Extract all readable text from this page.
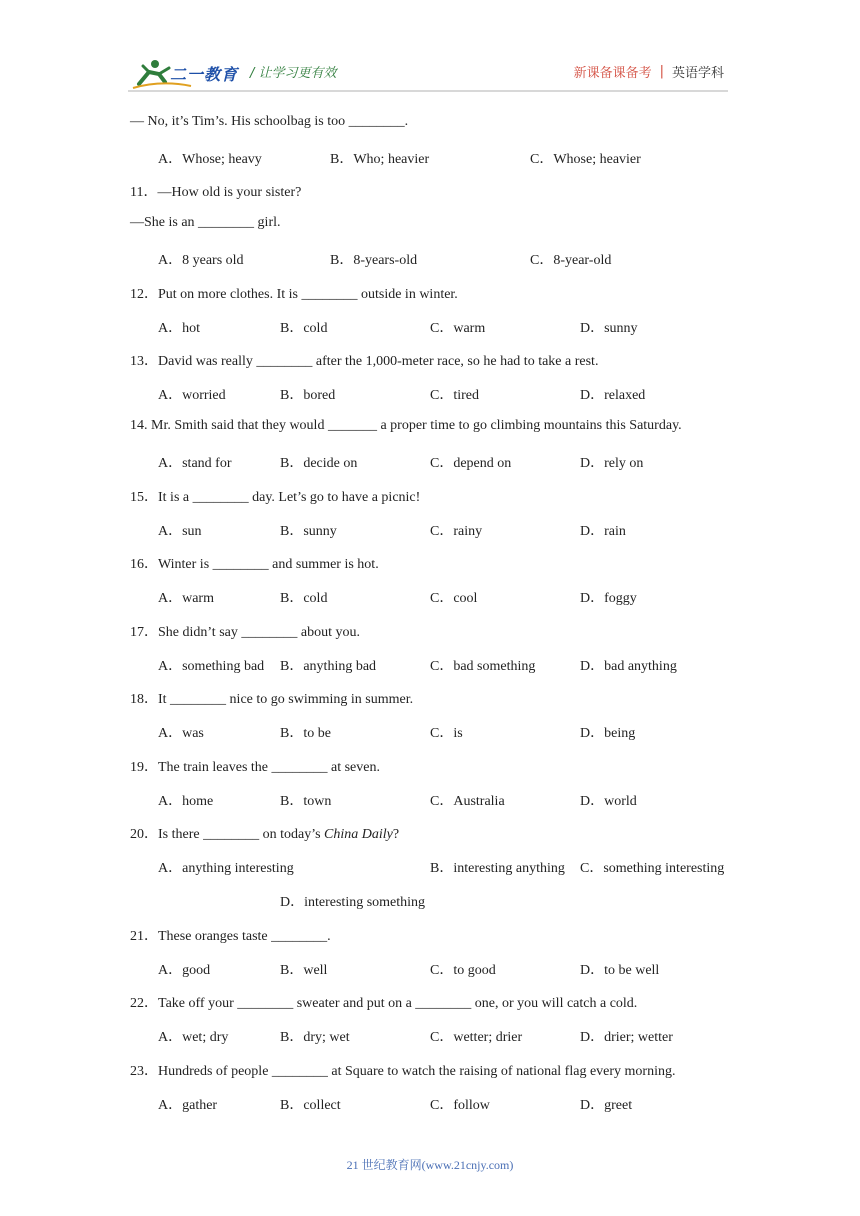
二一教育 / 让学习更有效	新课备课备考 | 英语学科
— No, it’s Tim’s. His schoolbag is too ________.
A．Whose; heavy	B．Who; heavier	C．Whose; heavier
11．—How old is your sister?
—She is an ________ girl.
A．8 years old	B．8-years-old	C．8-year-old
12．Put on more clothes. It is ________ outside in winter.
A．hot	B．cold	C．warm	D．sunny
13．David was really ________ after the 1,000-meter race, so he had to take a rest.
A．worried	B．bored	C．tired	D．relaxed
14. Mr. Smith said that they would _______ a proper time to go climbing mountains this Saturday.
A．stand for	B．decide on	C．depend on	D．rely on
15．It is a ________ day. Let’s go to have a picnic!
A．sun	B．sunny	C．rainy	D．rain
16．Winter is ________ and summer is hot.
A．warm	B．cold	C．cool	D．foggy
17．She didn’t say ________ about you.
A．something bad B．anything bad	C．bad something	D．bad anything
18．It ________ nice to go swimming in summer.
A．was	B．to be	C．is	D．being
19．The train leaves the ________ at seven.
A．home	B．town	C．Australia	D．world
20．Is there ________ on today’s China Daily?
A．anything interesting	B．interesting anything C．something interesting
D．interesting something
21．These oranges taste ________.
A．good	B．well	C．to good	D．to be well
22．Take off your ________ sweater and put on a ________ one, or you will catch a cold.
A．wet; dry	B．dry; wet	C．wetter; drier	D．drier; wetter
23．Hundreds of people ________ at Square to watch the raising of national flag every morning.
A．gather	B．collect	C．follow	D．greet
21 世纪教育网(www.21cnjy.com)
